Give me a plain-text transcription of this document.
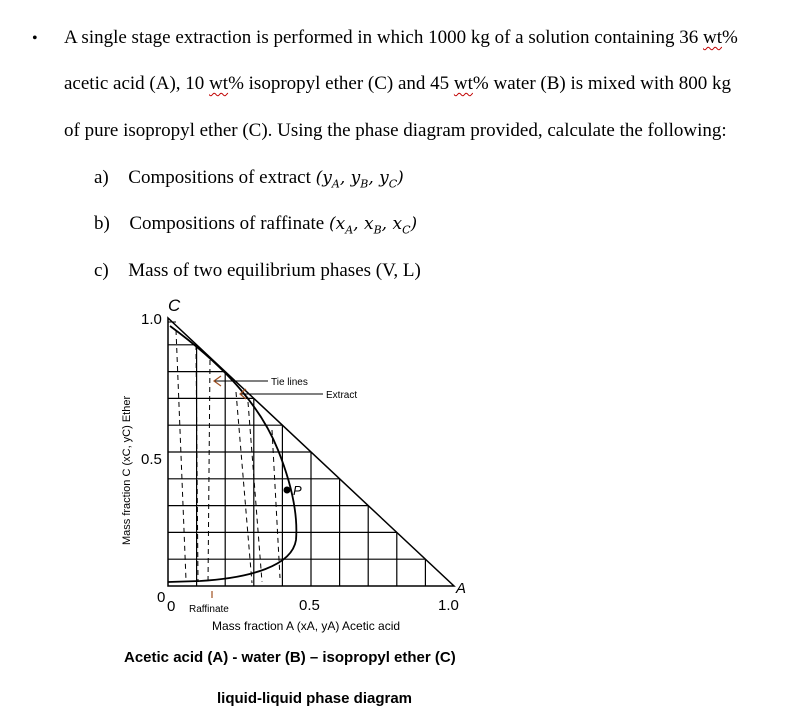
• A single stage extraction is performed in which 1000 kg of a solution containing 36 wt%
acetic acid (A), 10 wt% isopropyl ether (C) and 45 wt% water (B) is mixed with 800 kg
of pure isopropyl ether (C). Using the phase diagram provided, calculate the following:
a) Compositions of extract ($y_A$, $y_B$, $y_C$)
b) Compositions of raffinate ($x_A$, $x_B$, $x_C$)
c) Mass of two equilibrium phases (V, L)
C
1.0
0.5
0
0	0.5	1.0
A
Tie lines
Extract
Raffinate
P
Mass fraction A (xA, yA) Acetic acid
Mass fraction C (xC, yC) Ether
Acetic acid (A) - water (B) – isopropyl ether (C)
liquid-liquid phase diagram
